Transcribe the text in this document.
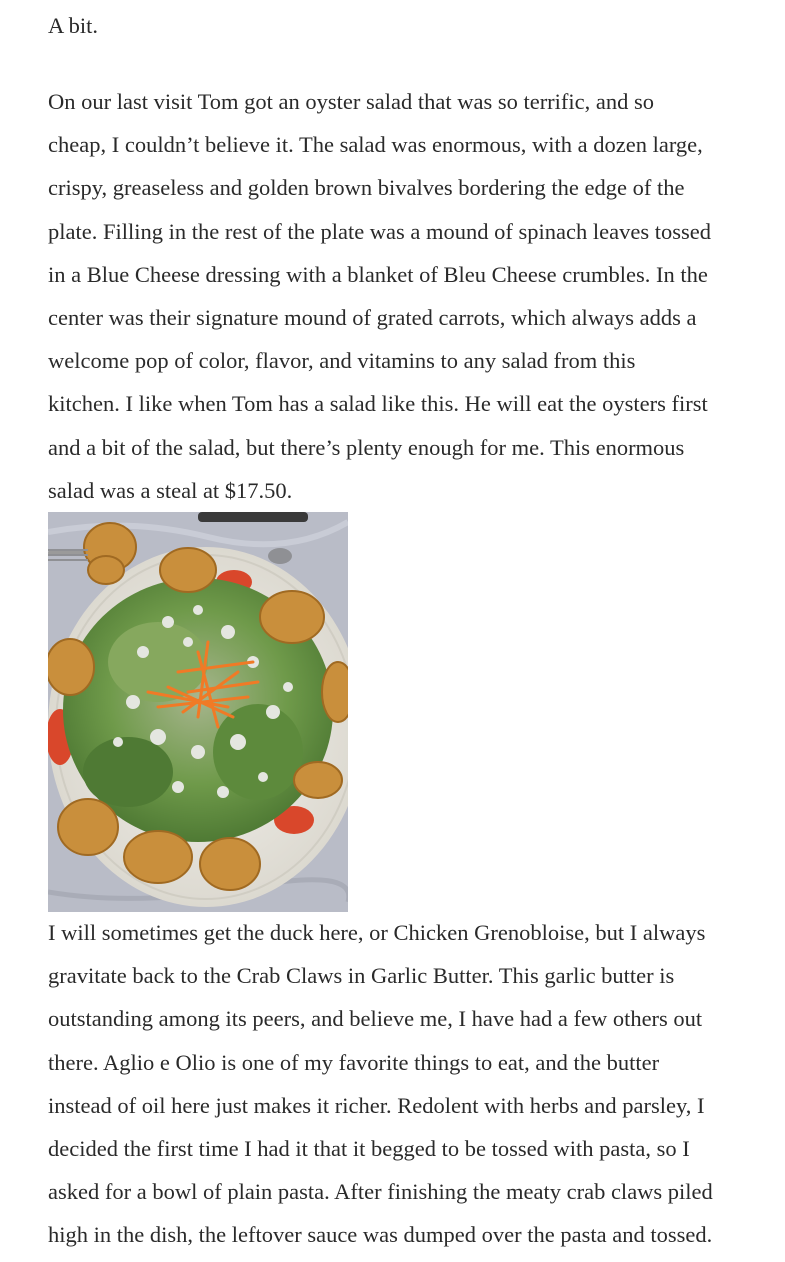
A bit.

On our last visit Tom got an oyster salad that was so terrific, and so
cheap, I couldn’t believe it. The salad was enormous, with a dozen large,
crispy, greaseless and golden brown bivalves bordering the edge of the
plate. Filling in the rest of the plate was a mound of spinach leaves tossed
in a Blue Cheese dressing with a blanket of Bleu Cheese crumbles. In the
center was their signature mound of grated carrots, which always adds a
welcome pop of color, flavor, and vitamins to any salad from this
kitchen. I like when Tom has a salad like this. He will eat the oysters first
and a bit of the salad, but there’s plenty enough for me. This enormous
salad was a steal at $17.50.

I will sometimes get the duck here, or Chicken Grenobloise, but I always
gravitate back to the Crab Claws in Garlic Butter. This garlic butter is
outstanding among its peers, and believe me, I have had a few others out
there. Aglio e Olio is one of my favorite things to eat, and the butter
instead of oil here just makes it richer. Redolent with herbs and parsley, I
decided the first time I had it that it begged to be tossed with pasta, so I
asked for a bowl of plain pasta. After finishing the meaty crab claws piled
high in the dish, the leftover sauce was dumped over the pasta and tossed.
